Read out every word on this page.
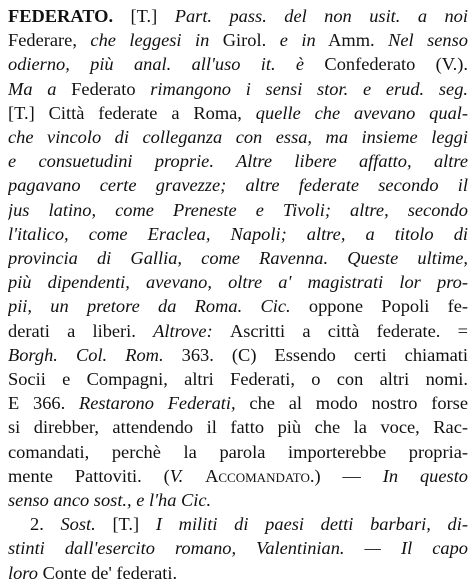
FEDERATO. [T.] Part. pass. del non usit. a noi
Federare, che leggesi in Girol. e in Amm. Nel senso
odierno, più anal. all'uso it. è Confederato (V.).
Ma a Federato rimangono i sensi stor. e erud. seg.
[T.] Città federate a Roma, quelle che avevano qual-
che vincolo di colleganza con essa, ma insieme leggi
e consuetudini proprie. Altre libere affatto, altre
pagavano certe gravezze; altre federate secondo il
jus latino, come Preneste e Tivoli; altre, secondo
l'italico, come Eraclea, Napoli; altre, a titolo di
provincia di Gallia, come Ravenna. Queste ultime,
più dipendenti, avevano, oltre a' magistrati lor pro-
pii, un pretore da Roma. Cic. oppone Popoli fe-
derati a liberi. Altrove: Ascritti a città federate. =
Borgh. Col. Rom. 363. (C) Essendo certi chiamati
Socii e Compagni, altri Federati, o con altri nomi.
E 366. Restarono Federati, che al modo nostro forse
si direbber, attendendo il fatto più che la voce, Rac-
comandati, perchè la parola importerebbe propria-
mente Pattoviti. (V. Accomandato.) — In questo
senso anco sost., e l'ha Cic.
2. Sost. [T.] I militi di paesi detti barbari, di-
stinti dall'esercito romano, Valentinian. — Il capo
loro Conte de' federati.
